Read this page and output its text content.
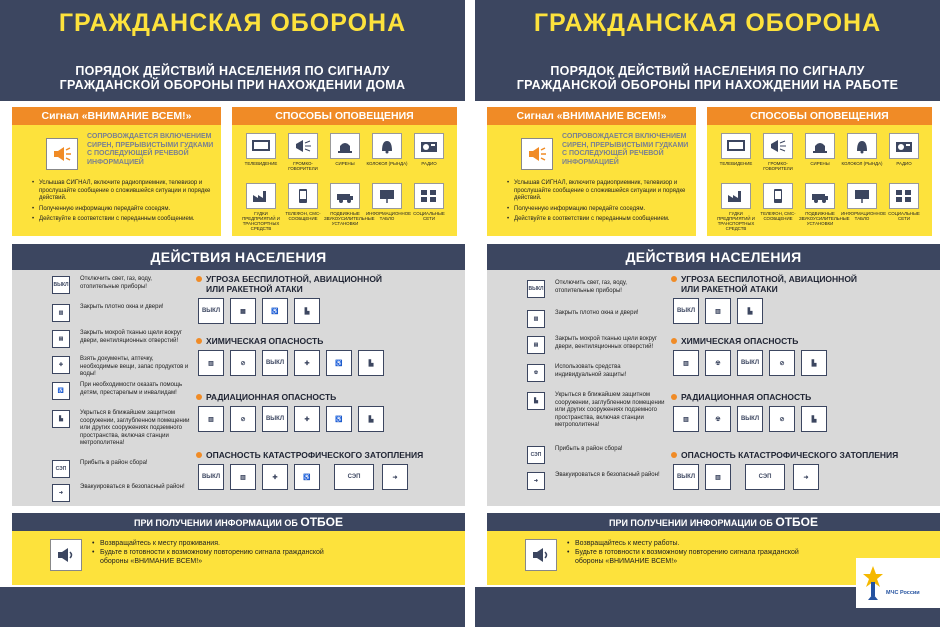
ГРАЖДАНСКАЯ ОБОРОНА
ПОРЯДОК ДЕЙСТВИЙ НАСЕЛЕНИЯ ПО СИГНАЛУ
ГРАЖДАНСКОЙ ОБОРОНЫ ПРИ НАХОЖДЕНИИ ДОМА
Сигнал «ВНИМАНИЕ ВСЕМ!»
СОПРОВОЖДАЕТСЯ ВКЛЮЧЕНИЕМ СИРЕН, ПРЕРЫВИСТЫМИ ГУДКАМИ С ПОСЛЕДУЮЩЕЙ РЕЧЕВОЙ ИНФОРМАЦИЕЙ
• Услышав СИГНАЛ, включите радиоприемник, телевизор и прослушайте сообщение о сложившейся ситуации и порядке действий.
• Полученную информацию передайте соседям.
• Действуйте в соответствии с переданным сообщением.
СПОСОБЫ ОПОВЕЩЕНИЯ
ТЕЛЕВИДЕНИЕ	ГРОМКО-ГОВОРИТЕЛИ
СИРЕНЫ	КОЛОКОЛ (РЫНДА)	РАДИО
ГУДКИ ПРЕДПРИЯТИЙ И ТРАНСПОРТНЫХ СРЕДСТВ
ТЕЛЕФОН, СМС-СООБЩЕНИЕ
ПОДВИЖНЫЕ ЗВУКОУСИЛИТЕЛЬНЫЕ УСТАНОВКИ
ИНФОРМАЦИОННОЕ ТАБЛО
СОЦИАЛЬНЫЕ СЕТИ
ДЕЙСТВИЯ НАСЕЛЕНИЯ
ВЫКЛ
Отключить свет, газ, воду, отопительные приборы!
▥
Закрыть плотно окна и двери!
▤
Закрыть мокрой тканью щели вокруг двери, вентиляционных отверстий!
✚
Взять документы, аптечку, необходимые вещи, запас продуктов и воды!
♿
При необходимости оказать помощь детям, престарелым и инвалидам!
▙
Укрыться в ближайшем защитном сооружении, заглубленном помещении или других сооружениях подземного пространства, включая станции метрополитена!
СЭП
Прибыть в район сбора!
➜
Эвакуироваться в безопасный район!
УГРОЗА БЕСПИЛОТНОЙ, АВИАЦИОННОЙ
ИЛИ РАКЕТНОЙ АТАКИ
ВЫКЛ	▦	♿	▙
ХИМИЧЕСКАЯ ОПАСНОСТЬ
▥	⊘	ВЫКЛ	✚	♿	▙
РАДИАЦИОННАЯ ОПАСНОСТЬ
▥	⊘	ВЫКЛ	✚	♿	▙
ОПАСНОСТЬ КАТАСТРОФИЧЕСКОГО ЗАТОПЛЕНИЯ
ВЫКЛ	▥	✚	♿	СЭП	➜
ПРИ ПОЛУЧЕНИИ ИНФОРМАЦИИ ОБ ОТБОЕ
• Возвращайтесь к месту проживания.
• Будьте в готовности к возможному повторению сигнала гражданской обороны «ВНИМАНИЕ ВСЕМ!»
ГРАЖДАНСКАЯ ОБОРОНА
ПОРЯДОК ДЕЙСТВИЙ НАСЕЛЕНИЯ ПО СИГНАЛУ
ГРАЖДАНСКОЙ ОБОРОНЫ ПРИ НАХОЖДЕНИИ НА РАБОТЕ
Сигнал «ВНИМАНИЕ ВСЕМ!»
СОПРОВОЖДАЕТСЯ ВКЛЮЧЕНИЕМ СИРЕН, ПРЕРЫВИСТЫМИ ГУДКАМИ С ПОСЛЕДУЮЩЕЙ РЕЧЕВОЙ ИНФОРМАЦИЕЙ
• Услышав СИГНАЛ, включите радиоприемник, телевизор и прослушайте сообщение о сложившейся ситуации и порядке действий.
• Полученную информацию передайте соседям.
• Действуйте в соответствии с переданным сообщением.
СПОСОБЫ ОПОВЕЩЕНИЯ
ТЕЛЕВИДЕНИЕ	ГРОМКО-ГОВОРИТЕЛИ
СИРЕНЫ	КОЛОКОЛ (РЫНДА)	РАДИО
ГУДКИ ПРЕДПРИЯТИЙ И ТРАНСПОРТНЫХ СРЕДСТВ
ТЕЛЕФОН, СМС-СООБЩЕНИЕ
ПОДВИЖНЫЕ ЗВУКОУСИЛИТЕЛЬНЫЕ УСТАНОВКИ
ИНФОРМАЦИОННОЕ ТАБЛО
СОЦИАЛЬНЫЕ СЕТИ
ДЕЙСТВИЯ НАСЕЛЕНИЯ
ВЫКЛ
Отключить свет, газ, воду, отопительные приборы!
▥
Закрыть плотно окна и двери!
▤
Закрыть мокрой тканью щели вокруг двери, вентиляционных отверстий!
☢
Использовать средства индивидуальной защиты!
▙
Укрыться в ближайшем защитном сооружении, заглубленном помещении или других сооружениях подземного пространства, включая станции метрополитена!
СЭП
Прибыть в район сбора!
➜
Эвакуироваться в безопасный район!
УГРОЗА БЕСПИЛОТНОЙ, АВИАЦИОННОЙ
ИЛИ РАКЕТНОЙ АТАКИ
ВЫКЛ	▥	▙
ХИМИЧЕСКАЯ ОПАСНОСТЬ
▥	☢	ВЫКЛ	⊘	▙
РАДИАЦИОННАЯ ОПАСНОСТЬ
▥	☢	ВЫКЛ	⊘	▙
ОПАСНОСТЬ КАТАСТРОФИЧЕСКОГО ЗАТОПЛЕНИЯ
ВЫКЛ	▥	СЭП	➜
ПРИ ПОЛУЧЕНИИ ИНФОРМАЦИИ ОБ ОТБОЕ
• Возвращайтесь к месту работы.
• Будьте в готовности к возможному повторению сигнала гражданской обороны «ВНИМАНИЕ ВСЕМ!»
МЧС России
